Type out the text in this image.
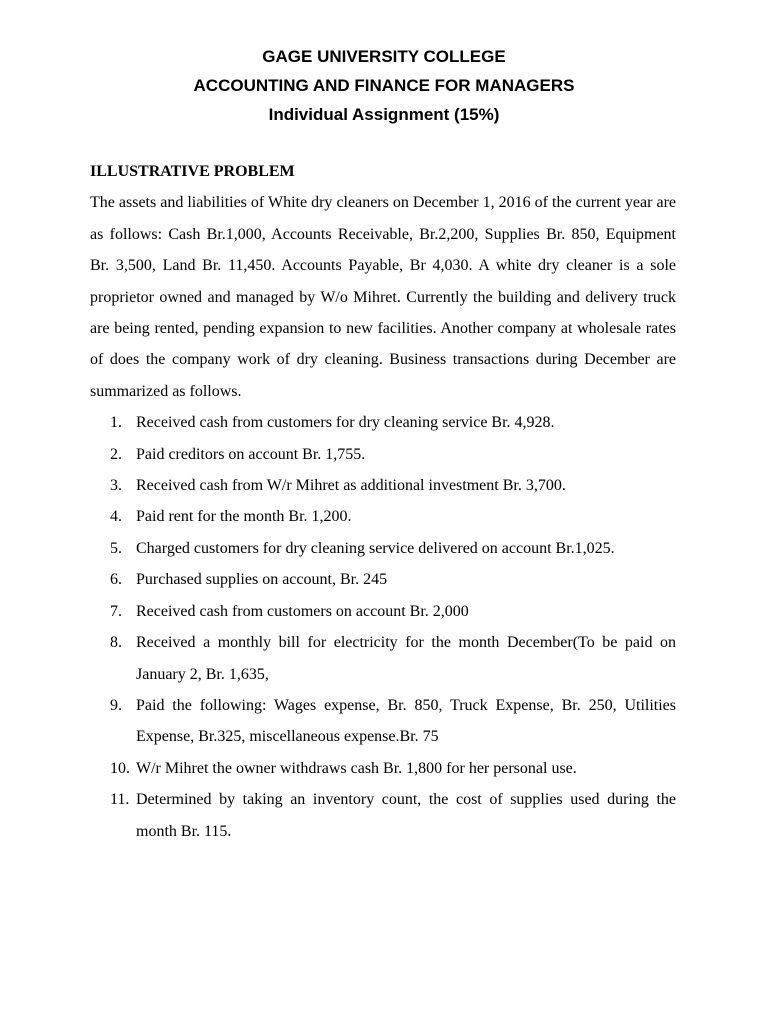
GAGE UNIVERSITY COLLEGE
ACCOUNTING AND FINANCE FOR MANAGERS
Individual Assignment (15%)
ILLUSTRATIVE PROBLEM

The assets and liabilities of White dry cleaners on December 1, 2016 of the current year are as follows: Cash Br.1,000, Accounts Receivable, Br.2,200, Supplies Br. 850, Equipment Br. 3,500, Land Br. 11,450. Accounts Payable, Br 4,030. A white dry cleaner is a sole proprietor owned and managed by W/o Mihret. Currently the building and delivery truck are being rented, pending expansion to new facilities. Another company at wholesale rates of does the company work of dry cleaning. Business transactions during December are summarized as follows.

1. Received cash from customers for dry cleaning service Br. 4,928.
2. Paid creditors on account Br. 1,755.
3. Received cash from W/r Mihret as additional investment Br. 3,700.
4. Paid rent for the month Br. 1,200.
5. Charged customers for dry cleaning service delivered on account Br.1,025.
6. Purchased supplies on account, Br. 245
7. Received cash from customers on account Br. 2,000
8. Received a monthly bill for electricity for the month December(To be paid on January 2, Br. 1,635,
9. Paid the following: Wages expense, Br. 850, Truck Expense, Br. 250, Utilities Expense, Br.325, miscellaneous expense.Br. 75
10. W/r Mihret the owner withdraws cash Br. 1,800 for her personal use.
11. Determined by taking an inventory count, the cost of supplies used during the month Br. 115.
